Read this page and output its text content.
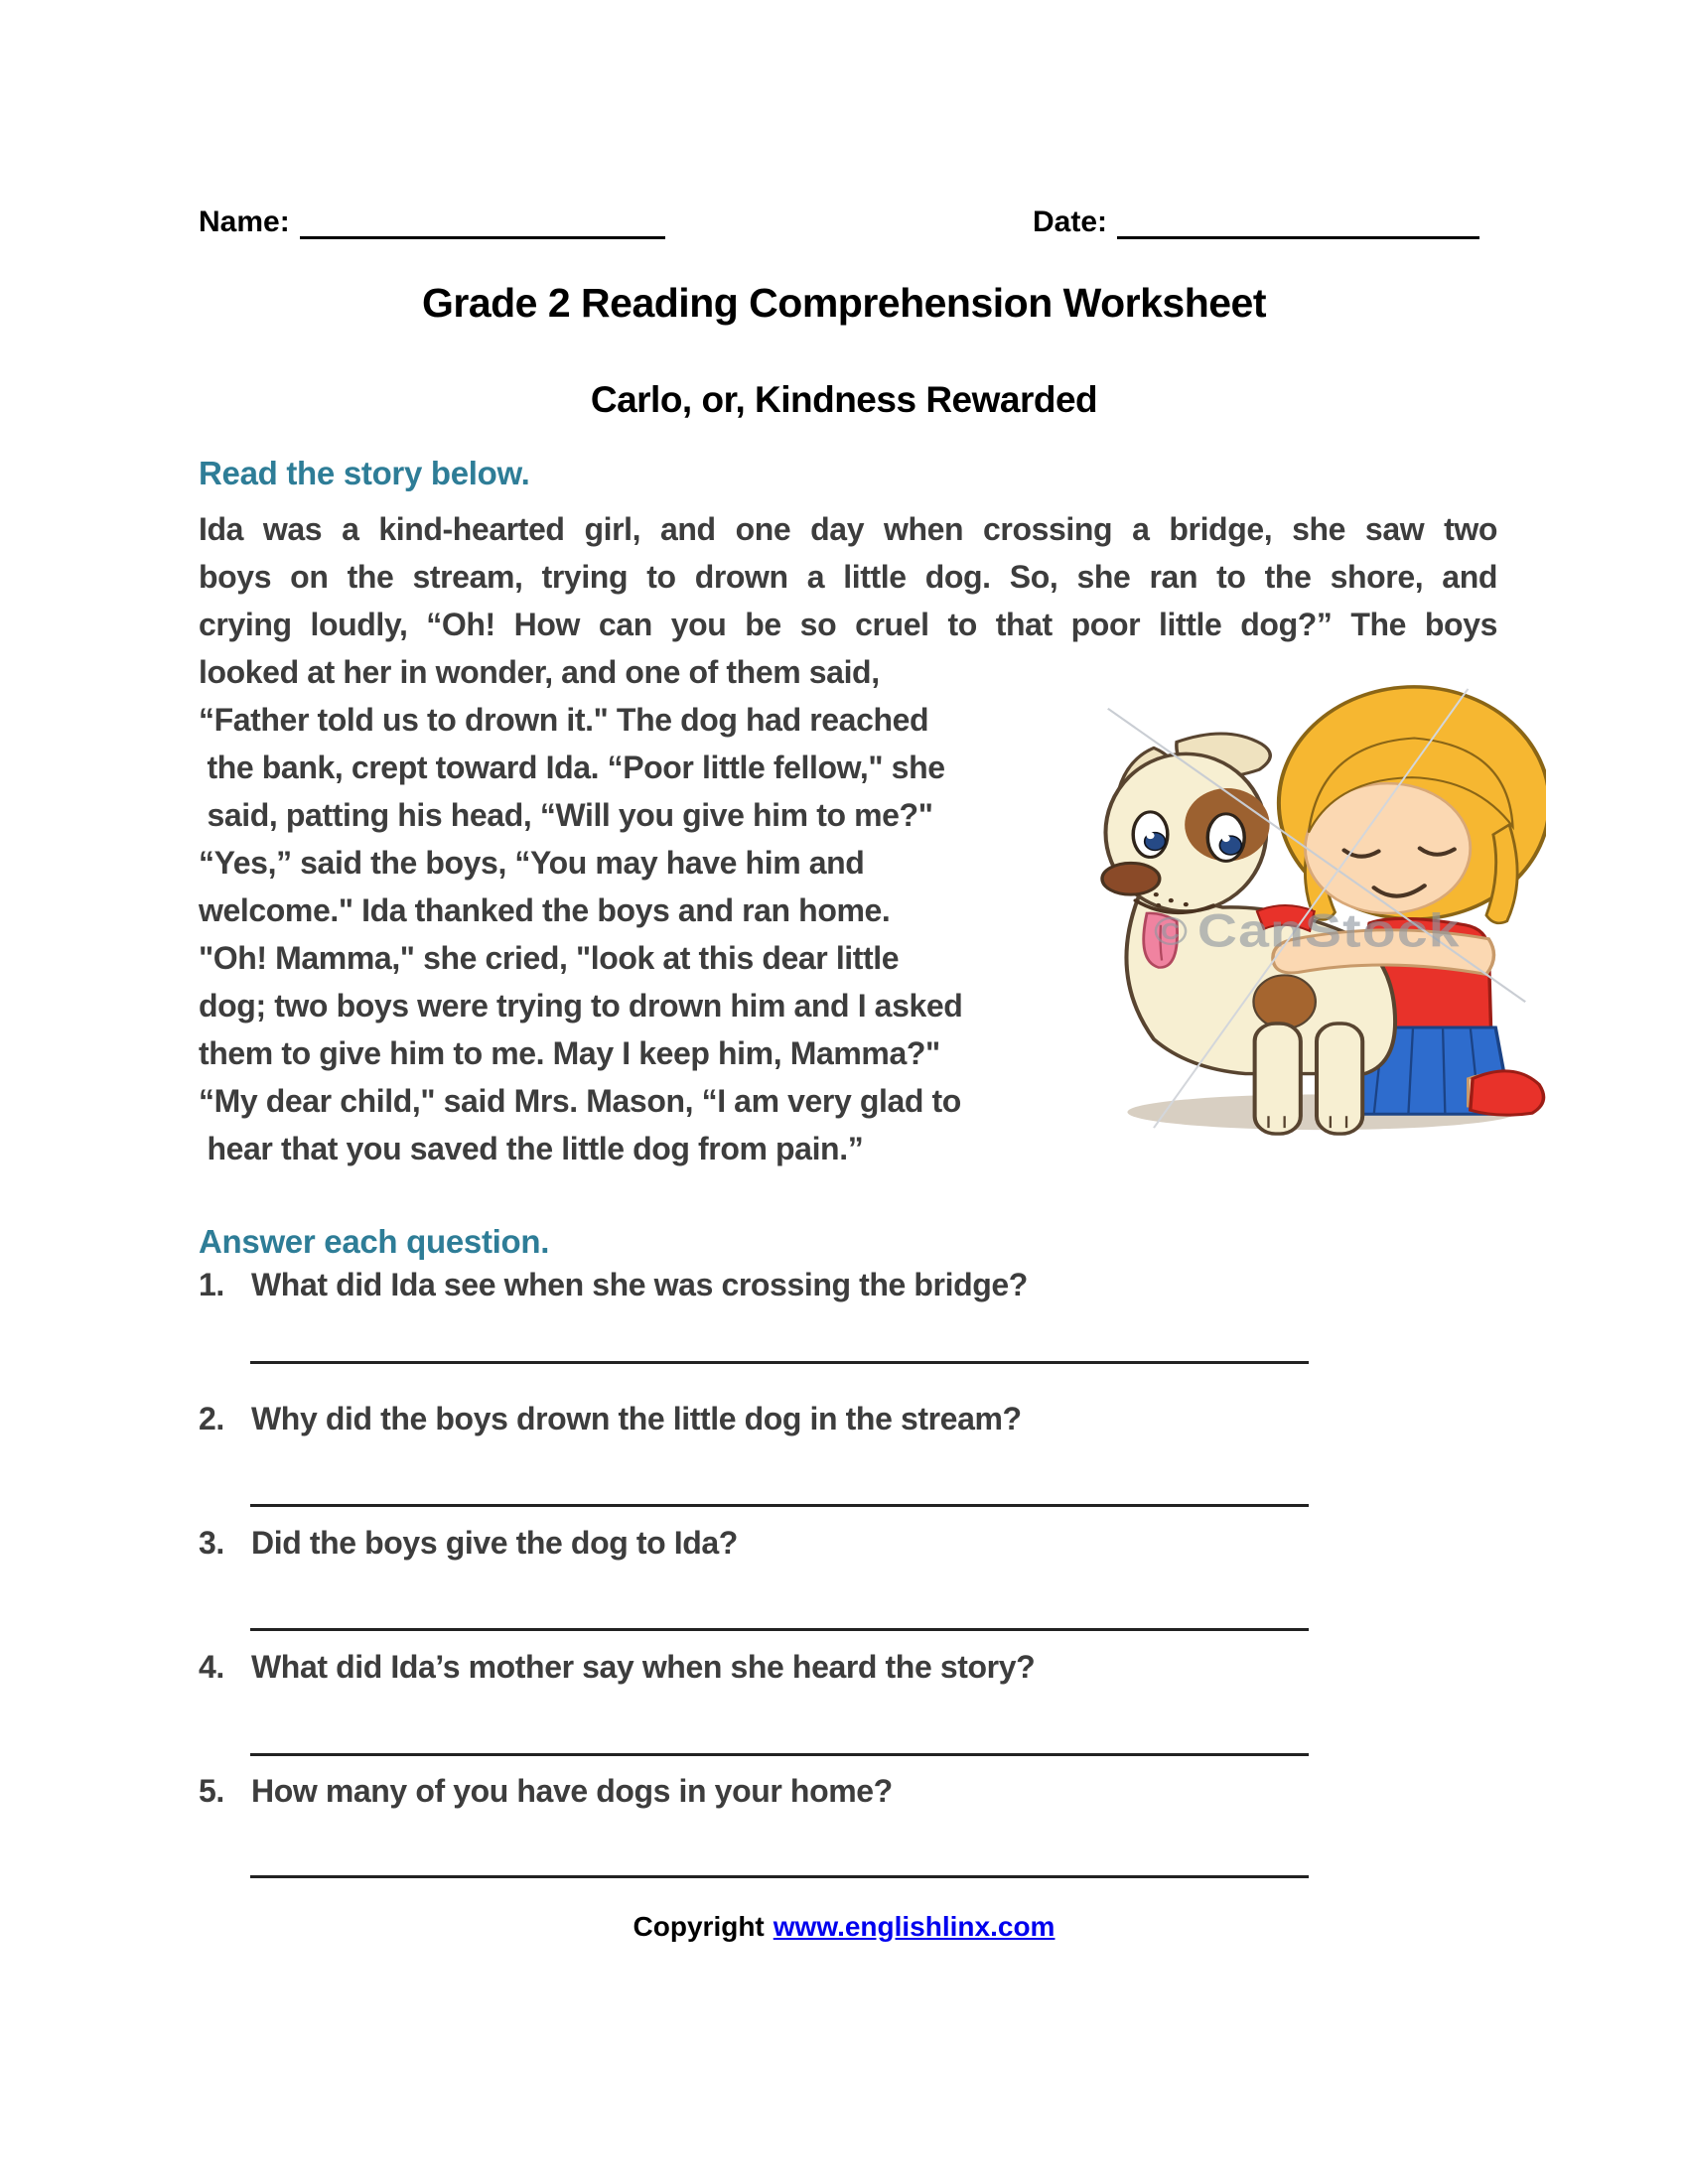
Name:	Date:
Grade 2 Reading Comprehension Worksheet
Carlo, or, Kindness Rewarded
Read the story below.
Ida was a kind-hearted girl, and one day when crossing a bridge, she saw two
boys on the stream, trying to drown a little dog. So, she ran to the shore, and
crying loudly, “Oh! How can you be so cruel to that poor little dog?” The boys
looked at her in wonder, and one of them said,
“Father told us to drown it." The dog had reached
the bank, crept toward Ida. “Poor little fellow," she
said, patting his head, “Will you give him to me?"
“Yes,” said the boys, “You may have him and
welcome." Ida thanked the boys and ran home.
"Oh! Mamma," she cried, "look at this dear little
dog; two boys were trying to drown him and I asked
them to give him to me. May I keep him, Mamma?"
“My dear child," said Mrs. Mason, “I am very glad to
hear that you saved the little dog from pain.”
© CanStock
Answer each question.
1. What did Ida see when she was crossing the bridge?
2. Why did the boys drown the little dog in the stream?
3. Did the boys give the dog to Ida?
4. What did Ida’s mother say when she heard the story?
5. How many of you have dogs in your home?
Copyright www.englishlinx.com
